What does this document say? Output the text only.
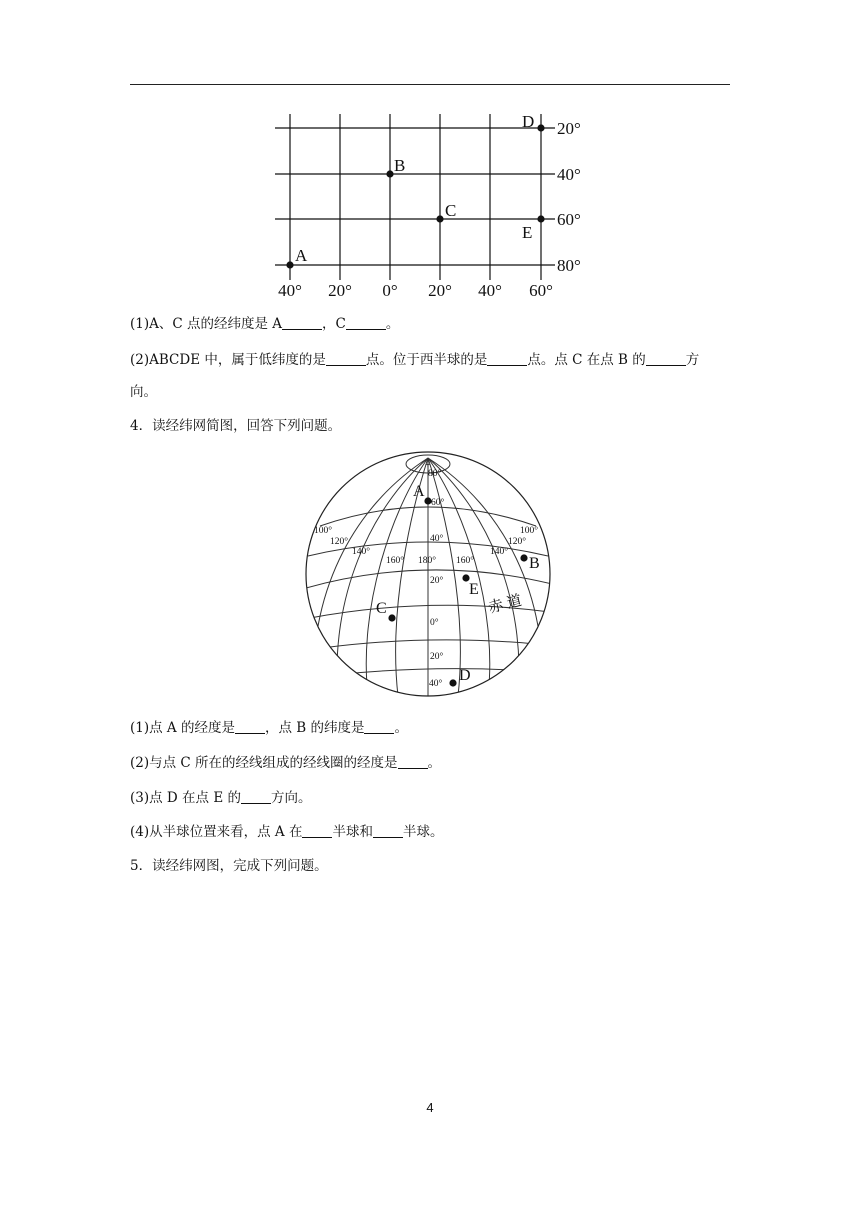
A
B
C
D
E
20°
40°
60°
80°
40° 20° 0° 20° 40° 60°
(1)A、C 点的经纬度是 A	，C	。
(2)ABCDE 中，属于低纬度的是	点。位于西半球的是	点。点 C 在点 B 的	方
向。
4．读经纬网简图，回答下列问题。
+
A
B
C
D
E
80°
60°
40°
20°
0°
20°
40°
100°
120°
140°
160° 180° 160°
140°
120°
100°
赤 道
(1)点 A 的经度是 ，点 B 的纬度是 。
(2)与点 C 所在的经线组成的经线圈的经度是 。
(3)点 D 在点 E 的 方向。
(4)从半球位置来看，点 A 在 半球和 半球。
5．读经纬网图，完成下列问题。
4
